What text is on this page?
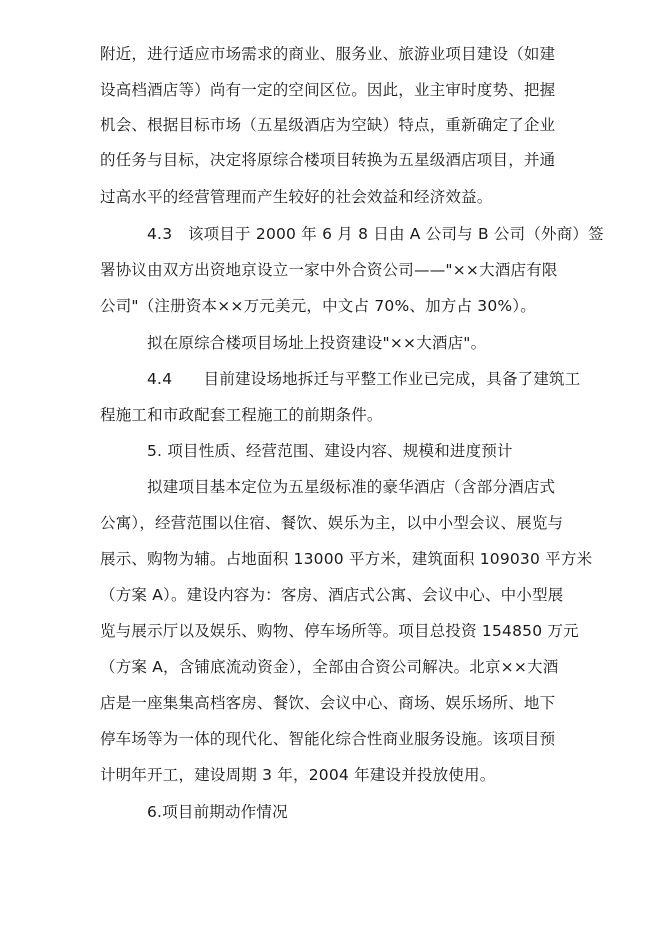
附近，进行适应市场需求的商业、服务业、旅游业项目建设（如建
设高档酒店等）尚有一定的空间区位。因此，业主审时度势、把握
机会、根据目标市场（五星级酒店为空缺）特点，重新确定了企业
的任务与目标，决定将原综合楼项目转换为五星级酒店项目，并通
过高水平的经营管理而产生较好的社会效益和经济效益。
4.3　该项目于 2000 年 6 月 8 日由 A 公司与 B 公司（外商）签
署协议由双方出资地京设立一家中外合资公司——"××大酒店有限
公司"（注册资本××万元美元，中文占 70%、加方占 30%）。
拟在原综合楼项目场址上投资建设"××大酒店"。
4.4　　目前建设场地拆迁与平整工作业已完成，具备了建筑工
程施工和市政配套工程施工的前期条件。
5. 项目性质、经营范围、建设内容、规模和进度预计
拟建项目基本定位为五星级标准的豪华酒店（含部分酒店式
公寓），经营范围以住宿、餐饮、娱乐为主，以中小型会议、展览与
展示、购物为辅。占地面积 13000 平方米，建筑面积 109030 平方米
（方案 A）。建设内容为：客房、酒店式公寓、会议中心、中小型展
览与展示厅以及娱乐、购物、停车场所等。项目总投资 154850 万元
（方案 A，含铺底流动资金），全部由合资公司解决。北京××大酒
店是一座集集高档客房、餐饮、会议中心、商场、娱乐场所、地下
停车场等为一体的现代化、智能化综合性商业服务设施。该项目预
计明年开工，建设周期 3 年，2004 年建设并投放使用。
6.项目前期动作情况
